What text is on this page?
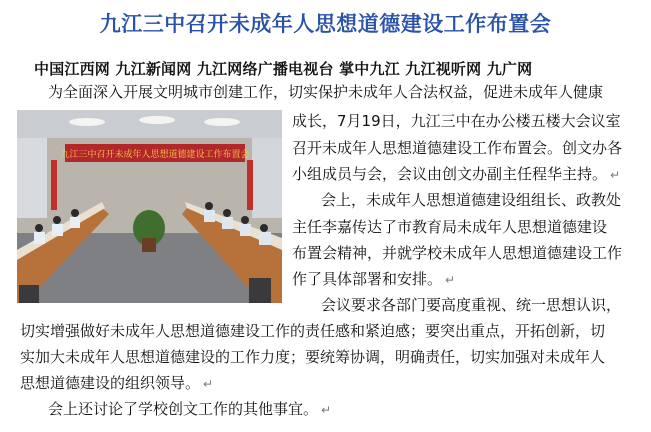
九江三中召开未成年人思想道德建设工作布置会
中国江西网 九江新闻网 九江网络广播电视台 掌中九江 九江视听网 九广网
九江三中召开未成年人思想道德建设工作布置会
为全面深入开展文明城市创建工作，切实保护未成年人合法权益，促进未成年人健康
成长，7月19日，九江三中在办公楼五楼大会议室
召开未成年人思想道德建设工作布置会。创文办各
小组成员与会，会议由创文办副主任程华主持。 ↵
会上，未成年人思想道德建设组组长、政教处
主任李嘉传达了市教育局未成年人思想道德建设
布置会精神，并就学校未成年人思想道德建设工作
作了具体部署和安排。 ↵
会议要求各部门要高度重视、统一思想认识，
切实增强做好未成年人思想道德建设工作的责任感和紧迫感；要突出重点，开拓创新，切
实加大未成年人思想道德建设的工作力度；要统筹协调，明确责任，切实加强对未成年人
思想道德建设的组织领导。 ↵
会上还讨论了学校创文工作的其他事宜。 ↵
